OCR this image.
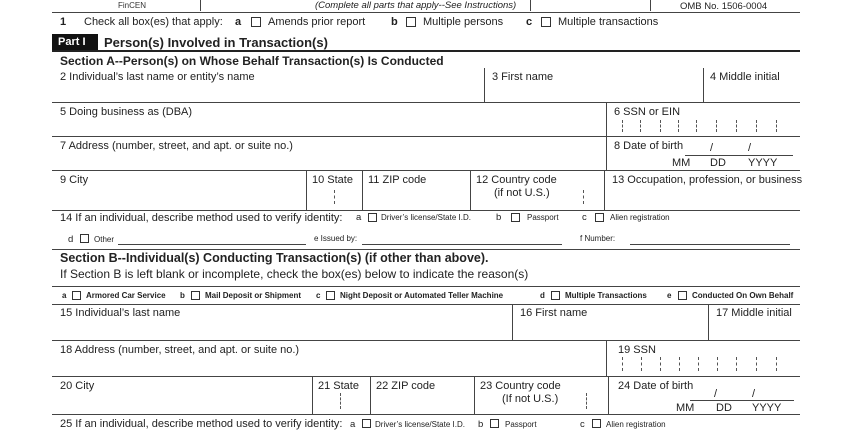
FinCEN	(Complete all parts that apply--See Instructions)	OMB No. 1506-0004
1 Check all box(es) that apply: a Amends prior report b Multiple persons c Multiple transactions
Part I	Person(s) Involved in Transaction(s)
Section A--Person(s) on Whose Behalf Transaction(s) Is Conducted
2 Individual’s last name or entity’s name	3 First name	4 Middle initial
5 Doing business as (DBA)	6 SSN or EIN
7 Address (number, street, and apt. or suite no.)	8 Date of birth /	/
MM DD YYYY
9 City	10 State 11 ZIP code	12 Country code
(if not U.S.)
13 Occupation, profession, or business
14 If an individual, describe method used to verify identity: a Driver’s license/State I.D.	b	Passport c	Alien registration
d	Other	e Issued by:	f Number:
Section B--Individual(s) Conducting Transaction(s) (if other than above).
If Section B is left blank or incomplete, check the box(es) below to indicate the reason(s)
a Armored Car Service b	Mail Deposit or Shipment c Night Deposit or Automated Teller Machine	d	Multiple Transactions	e	Conducted On Own Behalf
15 Individual’s last name	16 First name	17 Middle initial
18 Address (number, street, and apt. or suite no.)	19 SSN
20 City	21 State 22 ZIP code	23 Country code
(If not U.S.)
24 Date of birth
/	/
MM DD YYYY
25 If an individual, describe method used to verify identity: a Driver’s license/State I.D. b	Passport	c	Alien registration
